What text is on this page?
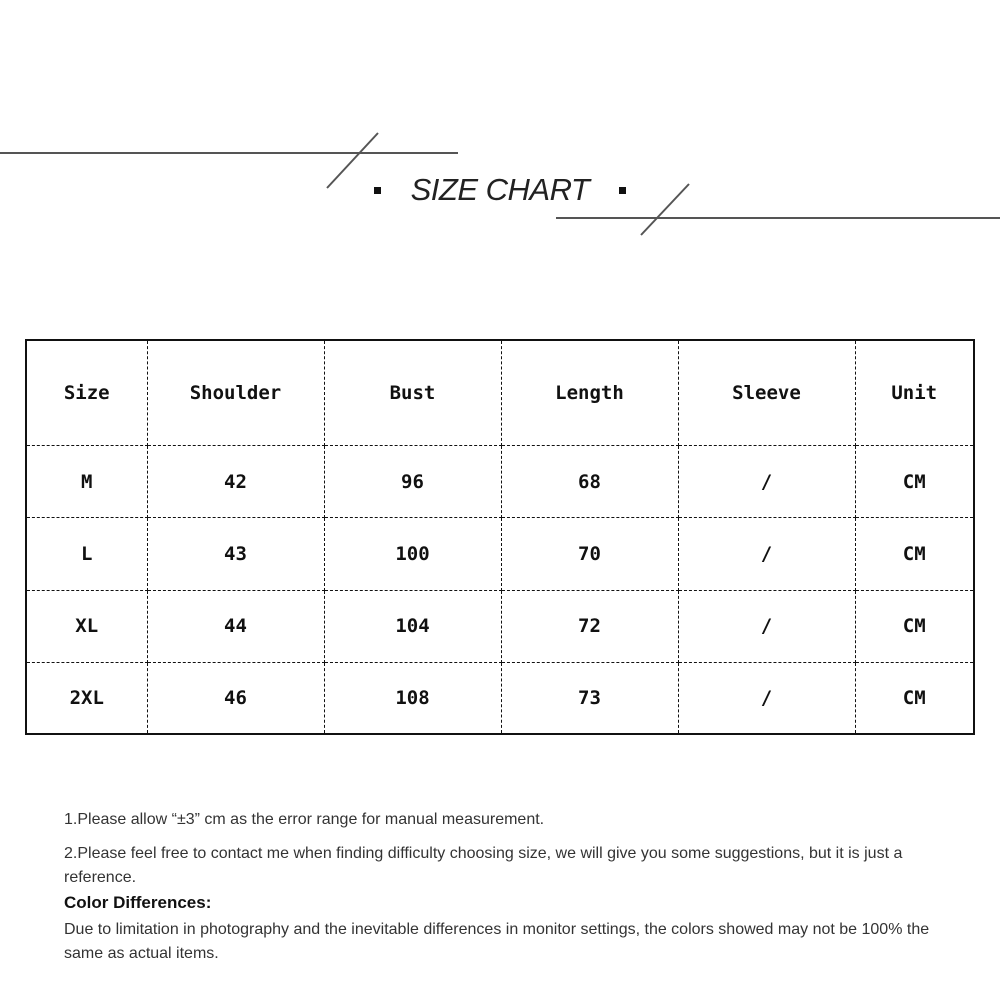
SIZE CHART
Size	Shoulder	Bust	Length	Sleeve	Unit
M	42	96	68	/	CM
L	43	100	70	/	CM
XL	44	104	72	/	CM
2XL	46	108	73	/	CM

1.Please allow “±3” cm as the error range for manual measurement.

2.Please feel free to contact me when finding difficulty choosing size, we will give you some suggestions, but it is just a reference.

Color Differences:

Due to limitation in photography and the inevitable differences in monitor settings, the colors showed may not be 100% the same as actual items.
